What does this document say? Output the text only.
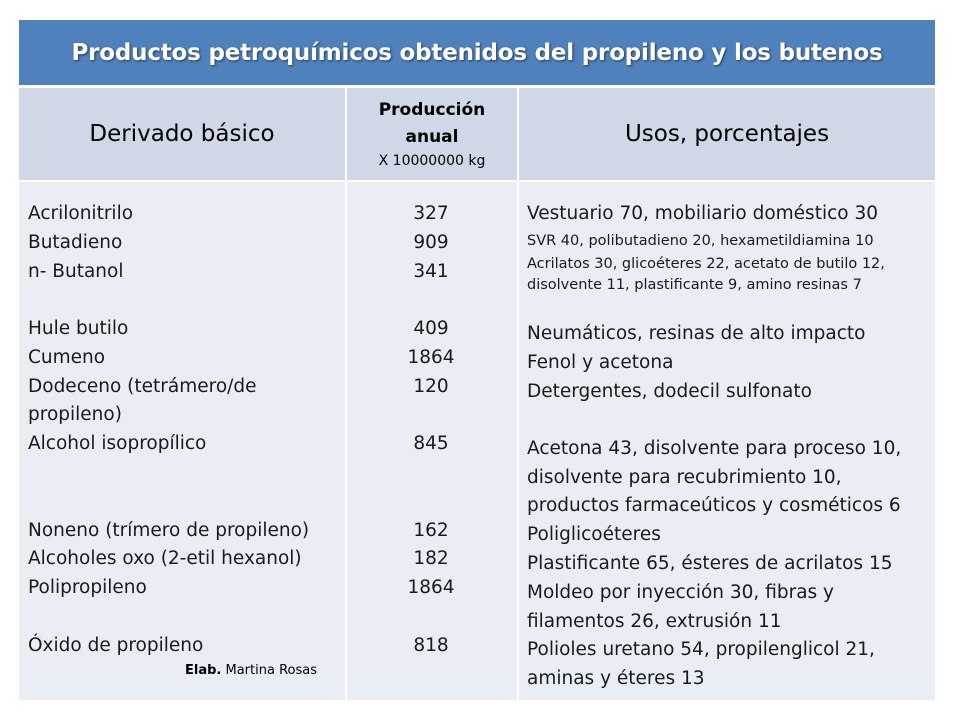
Productos petroquímicos obtenidos del propileno y los butenos
Derivado básico
Producción
anual
X 10000000 kg
Usos, porcentajes
Acrilonitrilo
Butadieno
n- Butanol
Hule butilo
Cumeno
Dodeceno (tetrámero/de
propileno)
Alcohol isopropílico
Noneno (trímero de propileno)
Alcoholes oxo (2-etil hexanol)
Polipropileno
Óxido de propileno
Elab. Martina Rosas
327
909
341
409
1864
120
845
162
182
1864
818
Vestuario 70, mobiliario doméstico 30
SVR 40, polibutadieno 20, hexametildiamina 10
Acrilatos 30, glicoéteres 22, acetato de butilo 12,
disolvente 11, plastificante 9, amino resinas 7
Neumáticos, resinas de alto impacto
Fenol y acetona
Detergentes, dodecil sulfonato
Acetona 43, disolvente para proceso 10,
disolvente para recubrimiento 10,
productos farmaceúticos y cosméticos 6
Poliglicoéteres
Plastificante 65, ésteres de acrilatos 15
Moldeo por inyección 30, fibras y
filamentos 26, extrusión 11
Polioles uretano 54, propilenglicol 21,
aminas y éteres 13
